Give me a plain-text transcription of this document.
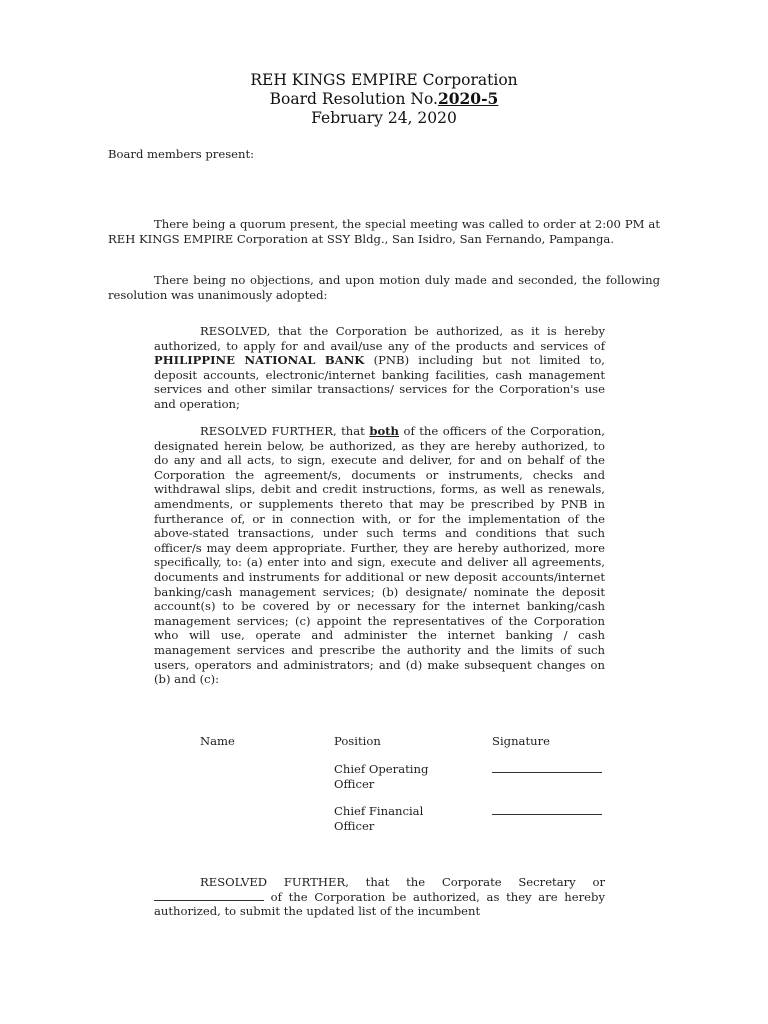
REH KINGS EMPIRE Corporation
Board Resolution No.2020-5
February 24, 2020
Board members present:
There being a quorum present, the special meeting was called to order at 2:00 PM at REH KINGS EMPIRE Corporation at SSY Bldg., San Isidro, San Fernando, Pampanga.
There being no objections, and upon motion duly made and seconded, the following resolution was unanimously adopted:
RESOLVED, that the Corporation be authorized, as it is hereby authorized, to apply for and avail/use any of the products and services of PHILIPPINE NATIONAL BANK (PNB) including but not limited to, deposit accounts, electronic/internet banking facilities, cash management services and other similar transactions/ services for the Corporation's use and operation;
RESOLVED FURTHER, that both of the officers of the Corporation, designated herein below, be authorized, as they are hereby authorized, to do any and all acts, to sign, execute and deliver, for and on behalf of the Corporation the agreement/s, documents or instruments, checks and withdrawal slips, debit and credit instructions, forms, as well as renewals, amendments, or supplements thereto that may be prescribed by PNB in furtherance of, or in connection with, or for the implementation of the above-stated transactions, under such terms and conditions that such officer/s may deem appropriate. Further, they are hereby authorized, more specifically, to: (a) enter into and sign, execute and deliver all agreements, documents and instruments for additional or new deposit accounts/internet banking/cash management services; (b) designate/ nominate the deposit account(s) to be covered by or necessary for the internet banking/cash management services; (c) appoint the representatives of the Corporation who will use, operate and administer the internet banking / cash management services and prescribe the authority and the limits of such users, operators and administrators; and (d) make subsequent changes on (b) and (c):
Name	Position	Signature
Chief Operating
Officer
Chief Financial
Officer
RESOLVED FURTHER, that the Corporate Secretary or  of the Corporation be authorized, as they are hereby authorized, to submit the updated list of the incumbent
